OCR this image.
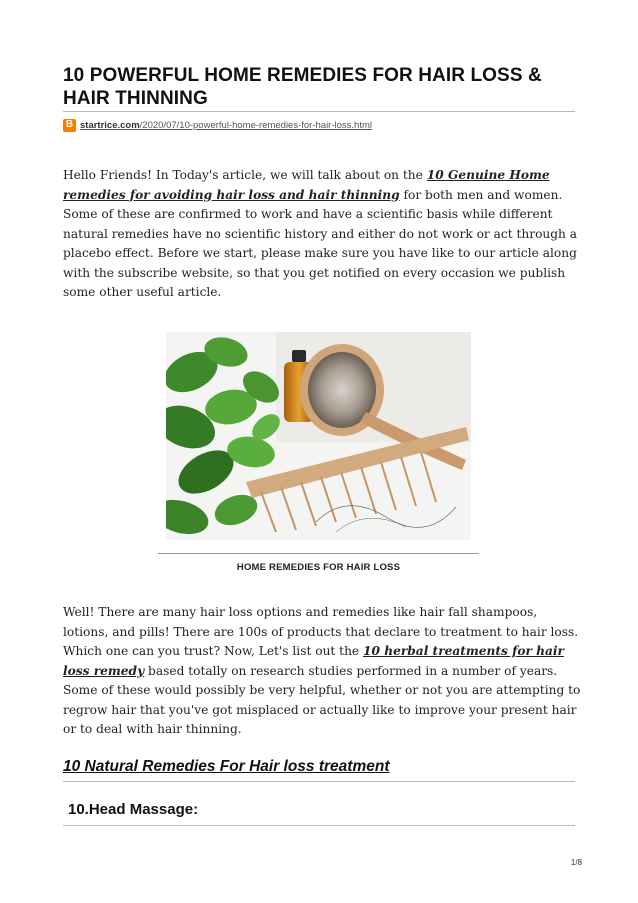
10 POWERFUL HOME REMEDIES FOR HAIR LOSS & HAIR THINNING
B startrice.com/2020/07/10-powerful-home-remedies-for-hair-loss.html

Hello Friends! In Today's article, we will talk about on the 10 Genuine Home remedies for avoiding hair loss and hair thinning for both men and women. Some of these are confirmed to work and have a scientific basis while different natural remedies have no scientific history and either do not work or act through a placebo effect. Before we start, please make sure you have like to our article along with the subscribe website, so that you get notified on every occasion we publish some other useful article.

HOME REMEDIES FOR HAIR LOSS

Well! There are many hair loss options and remedies like hair fall shampoos, lotions, and pills! There are 100s of products that declare to treatment to hair loss. Which one can you trust? Now, Let's list out the 10 herbal treatments for hair loss remedy based totally on research studies performed in a number of years. Some of these would possibly be very helpful, whether or not you are attempting to regrow hair that you've got misplaced or actually like to improve your present hair or to deal with hair thinning.

10 Natural Remedies For Hair loss treatment
10.Head Massage:
1/8
